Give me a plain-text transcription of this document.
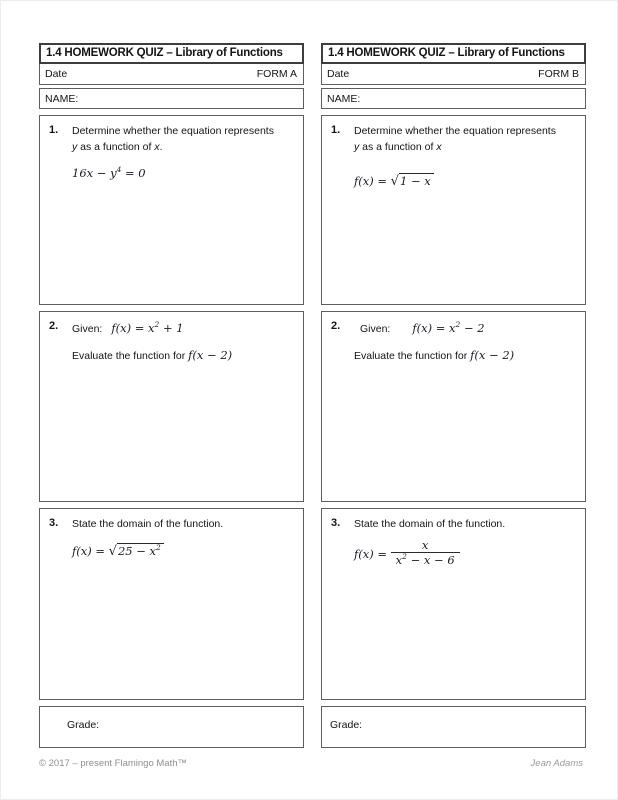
1.4 HOMEWORK QUIZ – Library of Functions
Date	FORM A
NAME:
1.	Determine whether the equation represents
y as a function of x.
$16x - y^4 = 0$
2.	Given: $f(x) = x^2 + 1$
Evaluate the function for f(x − 2)
3.	State the domain of the function.
$f(x) = √25 - x^2$
Grade:
1.4 HOMEWORK QUIZ – Library of Functions
Date	FORM B
NAME:
1.	Determine whether the equation represents
y as a function of x
f(x) = √1 − x
2.	Given: $f(x) = x^2 - 2$
Evaluate the function for f(x − 2)
3.	State the domain of the function.
$f(x) = \frac{x}{x^2 - x - 6}$
Grade:
© 2017 – present Flamingo Math™	Jean Adams
